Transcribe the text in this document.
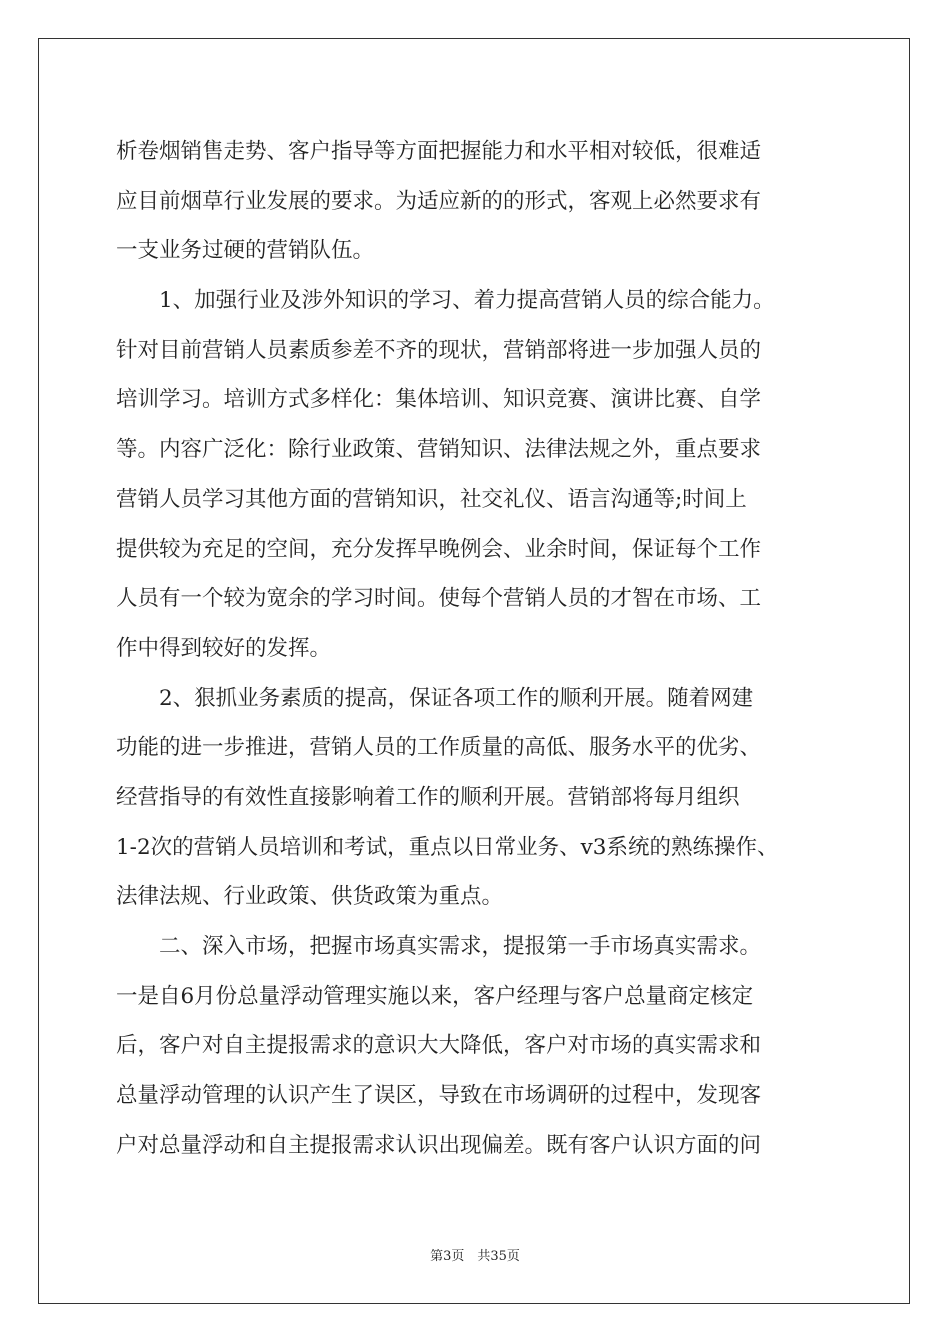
析卷烟销售走势、客户指导等方面把握能力和水平相对较低，很难适
应目前烟草行业发展的要求。为适应新的的形式，客观上必然要求有
一支业务过硬的营销队伍。
　　1、加强行业及涉外知识的学习、着力提高营销人员的综合能力。
针对目前营销人员素质参差不齐的现状，营销部将进一步加强人员的
培训学习。培训方式多样化：集体培训、知识竞赛、演讲比赛、自学
等。内容广泛化：除行业政策、营销知识、法律法规之外，重点要求
营销人员学习其他方面的营销知识，社交礼仪、语言沟通等;时间上
提供较为充足的空间，充分发挥早晚例会、业余时间，保证每个工作
人员有一个较为宽余的学习时间。使每个营销人员的才智在市场、工
作中得到较好的发挥。
　　2、狠抓业务素质的提高，保证各项工作的顺利开展。随着网建
功能的进一步推进，营销人员的工作质量的高低、服务水平的优劣、
经营指导的有效性直接影响着工作的顺利开展。营销部将每月组织
1-2次的营销人员培训和考试，重点以日常业务、v3系统的熟练操作、
法律法规、行业政策、供货政策为重点。
　　二、深入市场，把握市场真实需求，提报第一手市场真实需求。
一是自6月份总量浮动管理实施以来，客户经理与客户总量商定核定
后，客户对自主提报需求的意识大大降低，客户对市场的真实需求和
总量浮动管理的认识产生了误区，导致在市场调研的过程中，发现客
户对总量浮动和自主提报需求认识出现偏差。既有客户认识方面的问
第3页　共35页
